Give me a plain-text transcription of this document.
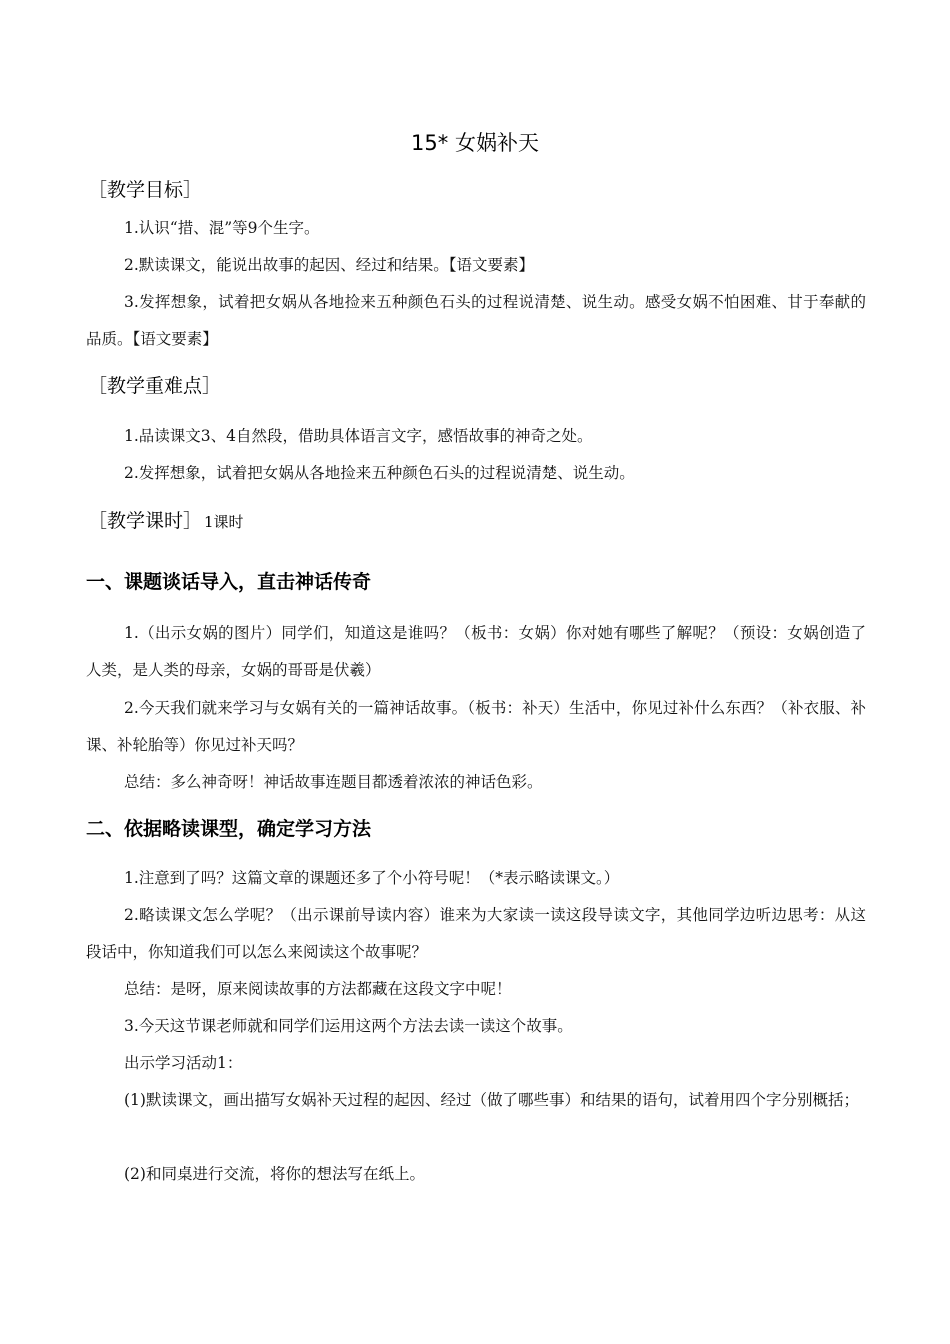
15* 女娲补天
［教学目标］
1.认识“措、混”等9个生字。
2.默读课文，能说出故事的起因、经过和结果。【语文要素】
3.发挥想象，试着把女娲从各地捡来五种颜色石头的过程说清楚、说生动。感受女娲不怕困难、甘于奉献的品质。【语文要素】
［教学重难点］
1.品读课文3、4自然段，借助具体语言文字，感悟故事的神奇之处。
2.发挥想象，试着把女娲从各地捡来五种颜色石头的过程说清楚、说生动。
［教学课时］ 1课时
一、课题谈话导入，直击神话传奇
1.（出示女娲的图片）同学们，知道这是谁吗？（板书：女娲）你对她有哪些了解呢？（预设：女娲创造了人类，是人类的母亲，女娲的哥哥是伏羲）
2.今天我们就来学习与女娲有关的一篇神话故事。（板书：补天）生活中，你见过补什么东西？（补衣服、补课、补轮胎等）你见过补天吗？
总结：多么神奇呀！神话故事连题目都透着浓浓的神话色彩。
二、依据略读课型，确定学习方法
1.注意到了吗？这篇文章的课题还多了个小符号呢！（*表示略读课文。）
2.略读课文怎么学呢？（出示课前导读内容）谁来为大家读一读这段导读文字，其他同学边听边思考：从这段话中，你知道我们可以怎么来阅读这个故事呢？
总结：是呀，原来阅读故事的方法都藏在这段文字中呢！
3.今天这节课老师就和同学们运用这两个方法去读一读这个故事。
出示学习活动1：
(1)默读课文，画出描写女娲补天过程的起因、经过（做了哪些事）和结果的语句，试着用四个字分别概括；
(2)和同桌进行交流，将你的想法写在纸上。
